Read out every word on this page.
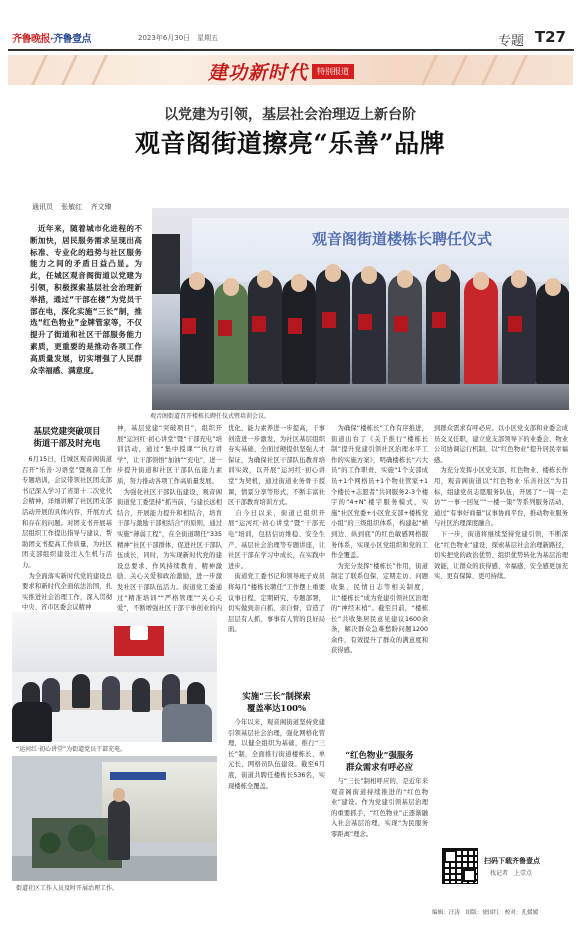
齐鲁晚报·齐鲁壹点	2023年6月30日　星期五	专题 T27
建功新时代	特别报道
以党建为引领，基层社会治理迈上新台阶
观音阁街道擦亮“乐善”品牌
通讯员 张敏红 齐文臻
　近年来，随着城市化进程的不断加快，居民服务需求呈现出高标准、专业化的趋势与社区服务能力之间的矛盾日益凸显。为此，任城区观音阁街道以党建为引领，积极探索基层社会治理新举措，通过“干部在楼”为党员干部在电，深化实施“三长”制，推选“红色物业”金牌管家等，不仅提升了街道和社区干部服务能力素质，更重要的是推动各项工作高质量发展，切实增强了人民群众幸福感、满意度。
观音阁街道楼栋长聘任仪式
观音阁街道召开楼栋长聘任仪式暨培训会议。
基层党建突破项目
街道干部及时充电
　6月15日，任城区观音阁街道召开“乐善·习语堂”暨观音工作专题培训，会议带领社区团支部书记深入学习了省第十二次党代会精神，详细讲解了社区团支部活动开展的具体内容、开展方式和存在的问题。对团支书开展基层组织工作提出指导与建议，帮助团支书提高工作质量，为社区团支部组织建设注入生机与活力。
　为全面落实新时代党的建设总要求和新时代全面依法治国，扎实推进社会治理工作，深入贯彻中央、省市区委会议精神
神，基层党建“突破项目”，组织开展“运河红·初心讲堂”暨“干部充电”培训活动，通过“集中授课”“执行讲学”，让干部领悟“加油”“充电”，进一步提升街道和社区干部队伍能力素质，努力推动各项工作高质量发展。
　为强化社区干部队伍建设，观音阁街道党工委坚持“抓当前、与建长远相结合，开展能力提升和相结合，培育干部与激励干部相结合”的原则，通过实施“薄弱工程”，在全街道聘任“335精神”社区干部群体，促进社区干部队伍成长，同时，为实现新时代党的建设总要求、作风持续教育、精神激励、关心关爱和政治激励，进一步激发社区干部队伍活力。街道党工委通过“精准培训”“严格管理”“关心关爱”，不断增强社区干部干事创业的内
优化、能力素养进一步提高，干事创造进一步激发，为社区基层组织夯实基础、全面过硬提供坚强人才保证，为确保社区干部队伍教育培训实效，以开展“运河红·初心讲堂”为契机，通过街道业务骨干授课，情景分享等形式，不断丰富社区干部教育培训方式。
　自今日以来，街道已组织开展“运河红·初心讲堂”暨“干部充电”培训，包括信访维稳、安全生产、基层社会治理等专题讲座，让社区干部在学习中成长，在实践中进步。
　街道党工委书记和领导班子成员将每月“楼栋长聘任”工作摆上重要议事日程，定期研究、专题部署，切实做到亲自抓、亲自督，营造了层层有人抓、事事有人管的良好局面。
实施“三长”制探索
覆盖率达100%
　今年以来，观音阁街道坚持党建引领基层社会治理，强化网格化管理，以健全组织为基础，推行“三长”制，全面推行街道楼栋长、单元长、网格员队伍建设。截至6月底，街道共聘任楼栋长536名，实现楼栋全覆盖。
　为确保“楼栋长”工作有序推进，街道出台了《关于推行“楼栋长制”提升党建引领社区治理水平工作的实施方案》，明确楼栋长“六大员”的工作职责、实施“1个支部成员+1个网格员+1个物业管家+1个楼长+志愿者”共同服务2-3个楼宇的“4+N”楼宇服务模式，实施“社区党委+小区党支部+楼栋党小组”的三级组织体系，构建起“横到边、纵到底”的红色敏感网格服务体系，实现小区党组织和党的工作全覆盖。
　为充分发挥“楼栋长”作用，街道制定了联系包保、定期走访、问题收集、民情日志等相关制度，让“楼栋长”成为党建引领社区治理的“神经末梢”。截至目前，“楼栋长”共收集居民意见建议1600余条，解决群众急难愁盼问题1200余件，有效提升了群众的满意度和获得感。
“红色物业”强服务
群众需求有呼必应
　与“三长”制相呼应的，是近年来观音阁街道持续推进的“红色物业”建设。作为党建引领基层治理的重要抓手，“红色物业”正逐渐融入社会基层治理，实现“为民服务零距离”理念。
到群众需求有呼必应。以小区党支部和业委会成员交叉任职，建立党支部领导下的业委会、物业公司协调运行机制，以“红色物业”提升居民幸福感。
　为充分发挥小区党支部、红色物业、楼栋长作用，观音阁街道以“红色物业·乐善社区”为目标，组建党员志愿服务队伍，开展了“一周一走访”“一事一回复”“一楼一策”等系列服务活动，通过“有事好商量”议事协商平台，推动物业服务与社区治理深度融合。
　下一步，街道将继续坚持党建引领，不断深化“红色物业”建设，探索基层社会治理新路径，切实把党的政治优势、组织优势转化为基层治理效能，让群众的获得感、幸福感、安全感更加充实、更有保障、更可持续。
“运河红·初心讲堂”为街道党员干部充电。
街道社区工作人员及时开展治理工作。
扫码下载齐鲁壹点
找记者　上壹点
编辑：汪涛　组版：徐国红　校对：孔媛媛
